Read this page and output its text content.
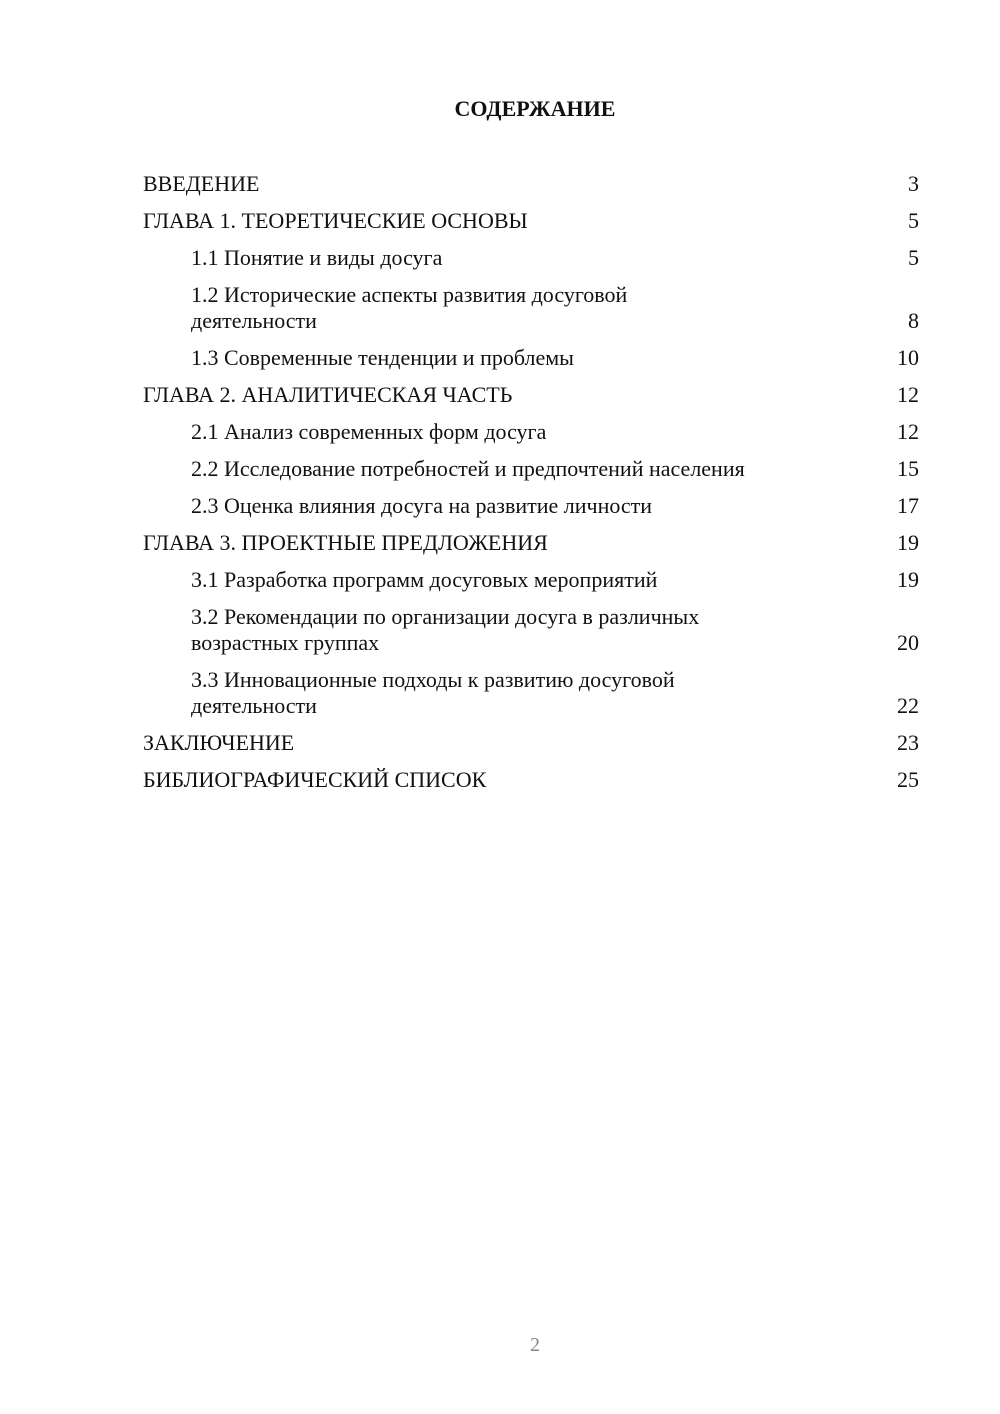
СОДЕРЖАНИЕ
ВВЕДЕНИЕ	3
ГЛАВА 1. ТЕОРЕТИЧЕСКИЕ ОСНОВЫ	5
1.1 Понятие и виды досуга	5
1.2 Исторические аспекты развития досуговой
деятельности	8
1.3 Современные тенденции и проблемы	10
ГЛАВА 2. АНАЛИТИЧЕСКАЯ ЧАСТЬ	12
2.1 Анализ современных форм досуга	12
2.2 Исследование потребностей и предпочтений населения	15
2.3 Оценка влияния досуга на развитие личности	17
ГЛАВА 3. ПРОЕКТНЫЕ ПРЕДЛОЖЕНИЯ	19
3.1 Разработка программ досуговых мероприятий	19
3.2 Рекомендации по организации досуга в различных
возрастных группах	20
3.3 Инновационные подходы к развитию досуговой
деятельности	22
ЗАКЛЮЧЕНИЕ	23
БИБЛИОГРАФИЧЕСКИЙ СПИСОК	25
2
